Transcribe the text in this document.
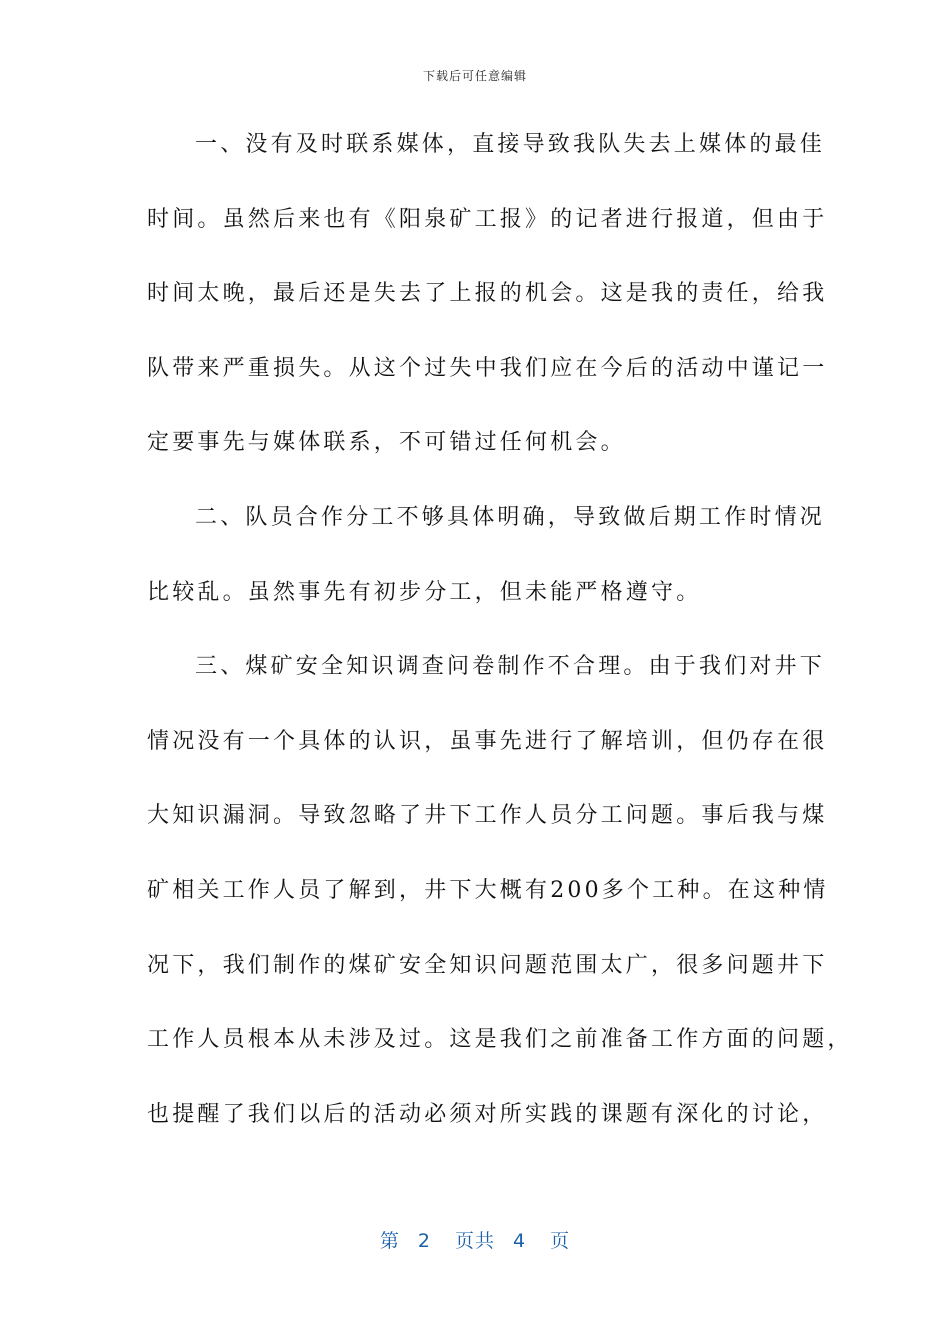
下载后可任意编辑
一、没有及时联系媒体，直接导致我队失去上媒体的最佳
时间。虽然后来也有《阳泉矿工报》的记者进行报道，但由于
时间太晚，最后还是失去了上报的机会。这是我的责任，给我
队带来严重损失。从这个过失中我们应在今后的活动中谨记一
定要事先与媒体联系，不可错过任何机会。
二、队员合作分工不够具体明确，导致做后期工作时情况
比较乱。虽然事先有初步分工，但未能严格遵守。
三、煤矿安全知识调查问卷制作不合理。由于我们对井下
情况没有一个具体的认识，虽事先进行了解培训，但仍存在很
大知识漏洞。导致忽略了井下工作人员分工问题。事后我与煤
矿相关工作人员了解到，井下大概有200多个工种。在这种情
况下，我们制作的煤矿安全知识问题范围太广，很多问题井下
工作人员根本从未涉及过。这是我们之前准备工作方面的问题，
也提醒了我们以后的活动必须对所实践的课题有深化的讨论，
第 2 页共 4 页
